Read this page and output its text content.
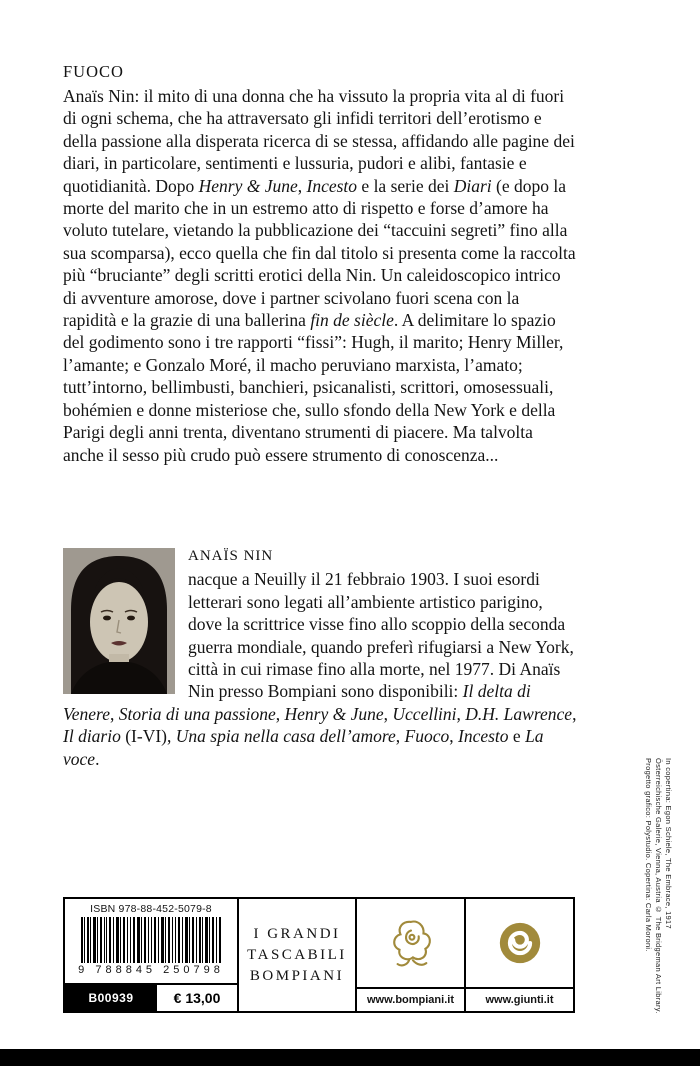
FUOCO

Anaïs Nin: il mito di una donna che ha vissuto la propria vita al di fuori di ogni schema, che ha attraversato gli infidi territori dell’erotismo e della passione alla disperata ricerca di se stessa, affidando alle pagine dei diari, in particolare, sentimenti e lussuria, pudori e alibi, fantasie e quotidianità. Dopo Henry & June, Incesto e la serie dei Diari (e dopo la morte del marito che in un estremo atto di rispetto e forse d’amore ha voluto tutelare, vietando la pubblicazione dei “taccuini segreti” fino alla sua scomparsa), ecco quella che fin dal titolo si presenta come la raccolta più “bruciante” degli scritti erotici della Nin. Un caleidoscopico intrico di avventure amorose, dove i partner scivolano fuori scena con la rapidità e la grazie di una ballerina fin de siècle. A delimitare lo spazio del godimento sono i tre rapporti “fissi”: Hugh, il marito; Henry Miller, l’amante; e Gonzalo Moré, il macho peruviano marxista, l’amato; tutt’intorno, bellimbusti, banchieri, psicanalisti, scrittori, omosessuali, bohémien e donne misteriose che, sullo sfondo della New York e della Parigi degli anni trenta, diventano strumenti di piacere. Ma talvolta anche il sesso più crudo può essere strumento di conoscenza...

ANAÏS NIN

nacque a Neuilly il 21 febbraio 1903. I suoi esordi letterari sono legati all’ambiente artistico parigino, dove la scrittrice visse fino allo scoppio della seconda guerra mondiale, quando preferì rifugiarsi a New York, città in cui rimase fino alla morte, nel 1977. Di Anaïs Nin presso Bompiani sono disponibili: Il delta di Venere, Storia di una passione, Henry & June, Uccellini, D.H. Lawrence, Il diario (I-VI), Una spia nella casa dell’amore, Fuoco, Incesto e La voce.	In copertina: Egon Schiele, The Embrace, 1917
Österreichische Galerie, Vienna, Austria © The Bridgeman Art Library.
Progetto grafico: Polystudio. Copertina: Carla Moroni.
ISBN 978-88-452-5079-8
9 788845 250798
B00939	€ 13,00
I GRANDI
TASCABILI
BOMPIANI
www.bompiani.it	www.giunti.it
